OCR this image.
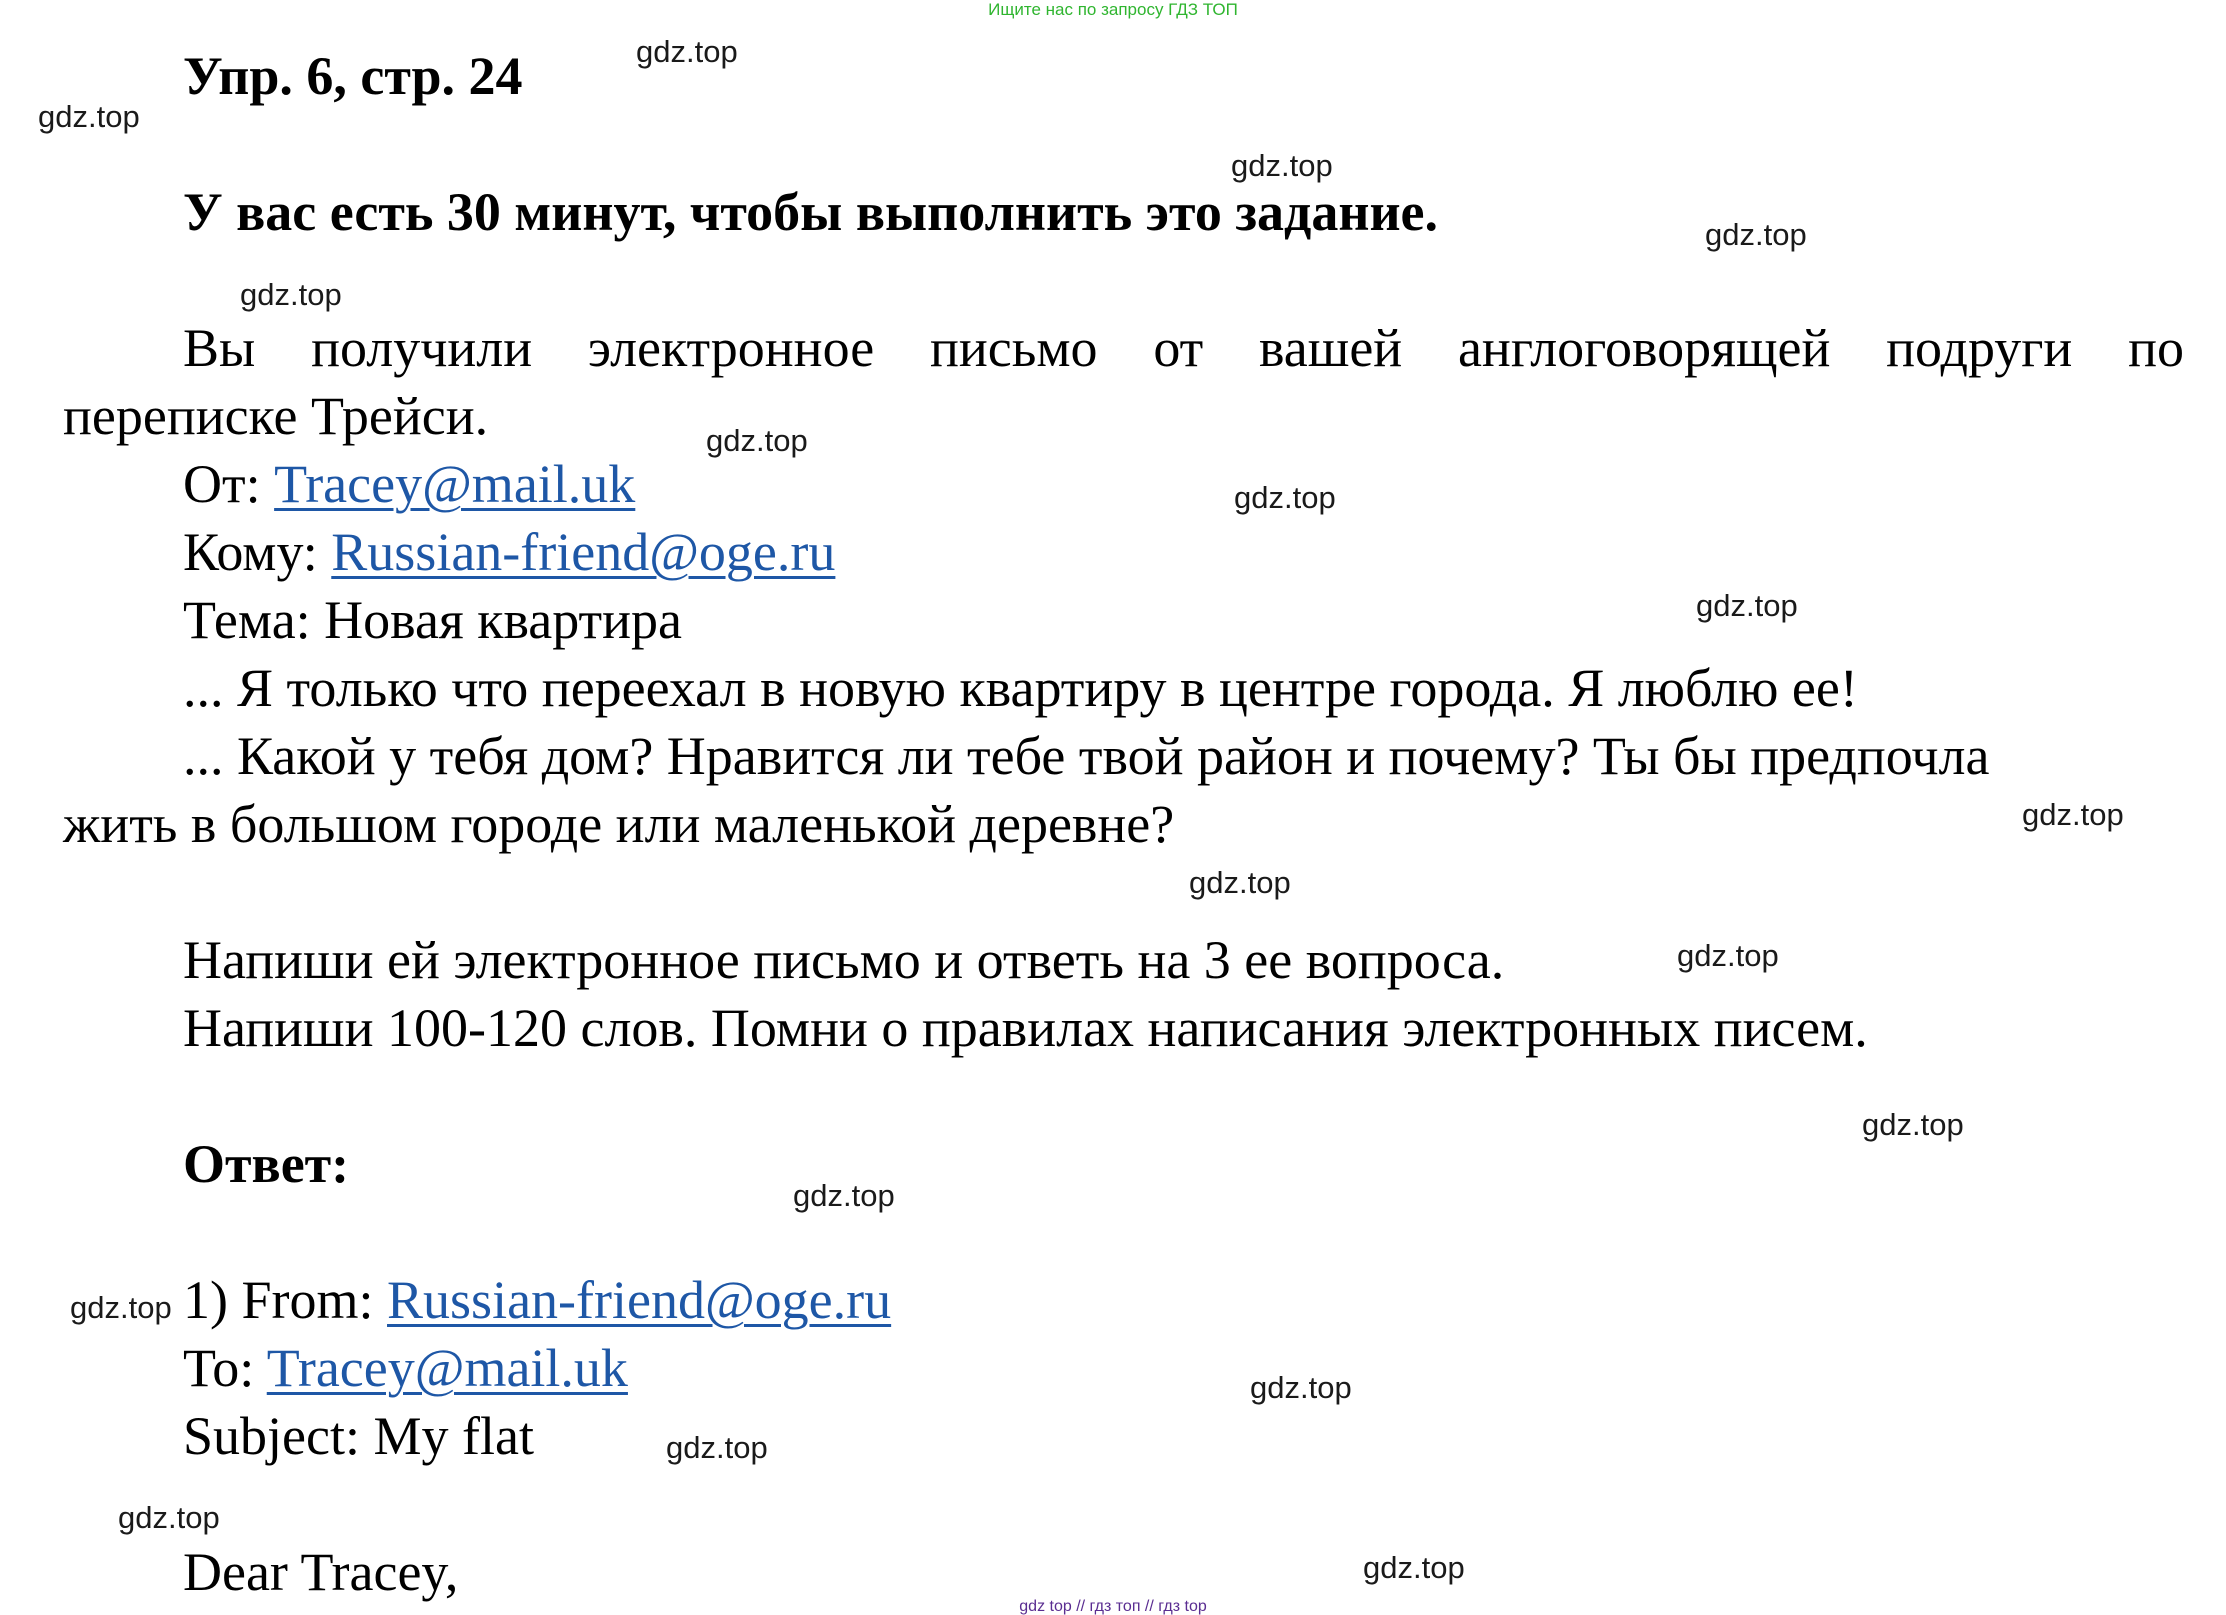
Ищите нас по запросу ГДЗ ТОП
Упр. 6, стр. 24
У вас есть 30 минут, чтобы выполнить это задание.
Вы получили электронное письмо от вашей англоговорящей подруги по
переписке Трейси.
От: Tracey@mail.uk
Кому: Russian-friend@oge.ru
Тема: Новая квартира
... Я только что переехал в новую квартиру в центре города. Я люблю ее!
... Какой у тебя дом? Нравится ли тебе твой район и почему? Ты бы предпочла
жить в большом городе или маленькой деревне?
Напиши ей электронное письмо и ответь на 3 ее вопроса.
Напиши 100-120 слов. Помни о правилах написания электронных писем.
Ответ:
1) From: Russian-friend@oge.ru
To: Tracey@mail.uk
Subject: My flat
Dear Tracey,
gdz.top
gdz.top
gdz.top
gdz.top
gdz.top
gdz.top
gdz.top
gdz.top
gdz.top
gdz.top
gdz.top
gdz.top
gdz.top
gdz.top
gdz.top
gdz.top
gdz.top
gdz.top
gdz top // гдз топ // гдз top
